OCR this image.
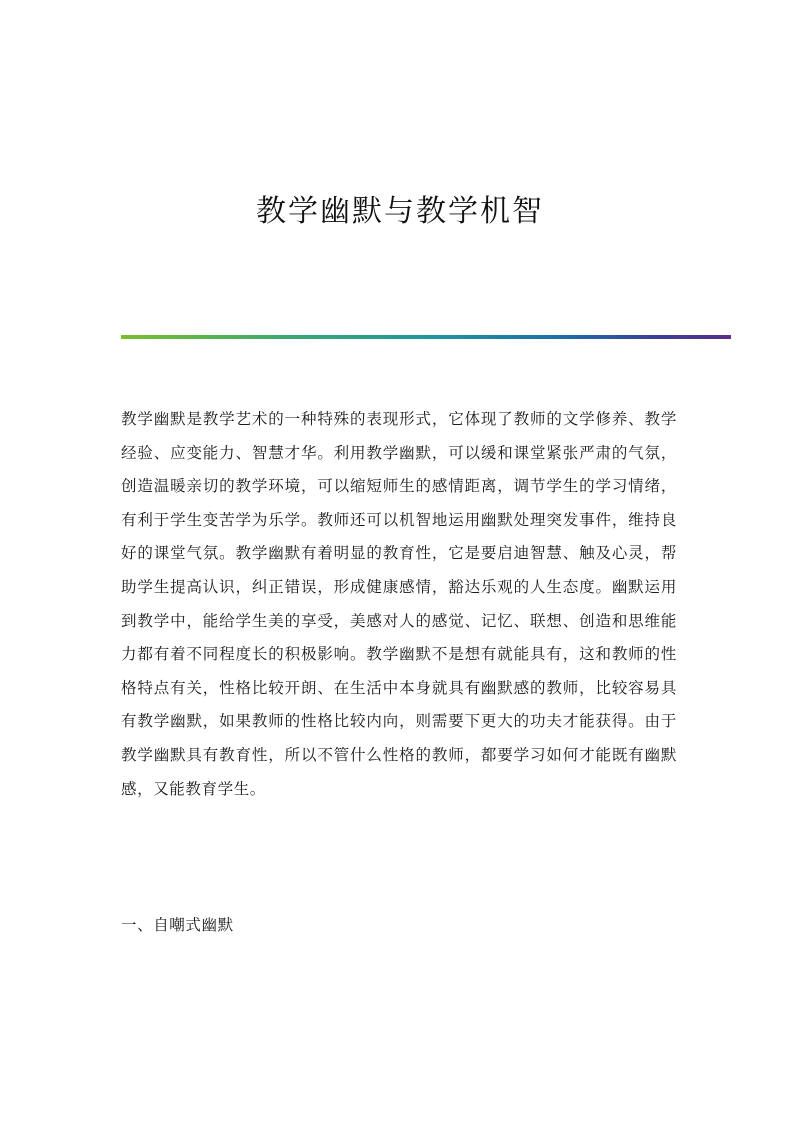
教学幽默与教学机智

教学幽默是教学艺术的一种特殊的表现形式，它体现了教师的文学修养、教学经验、应变能力、智慧才华。利用教学幽默，可以缓和课堂紧张严肃的气氛，创造温暖亲切的教学环境，可以缩短师生的感情距离，调节学生的学习情绪，有利于学生变苦学为乐学。教师还可以机智地运用幽默处理突发事件，维持良好的课堂气氛。教学幽默有着明显的教育性，它是要启迪智慧、触及心灵，帮助学生提高认识，纠正错误，形成健康感情，豁达乐观的人生态度。幽默运用到教学中，能给学生美的享受，美感对人的感觉、记忆、联想、创造和思维能力都有着不同程度长的积极影响。教学幽默不是想有就能具有，这和教师的性格特点有关，性格比较开朗、在生活中本身就具有幽默感的教师，比较容易具有教学幽默，如果教师的性格比较内向，则需要下更大的功夫才能获得。由于教学幽默具有教育性，所以不管什么性格的教师，都要学习如何才能既有幽默感，又能教育学生。

一、自嘲式幽默
